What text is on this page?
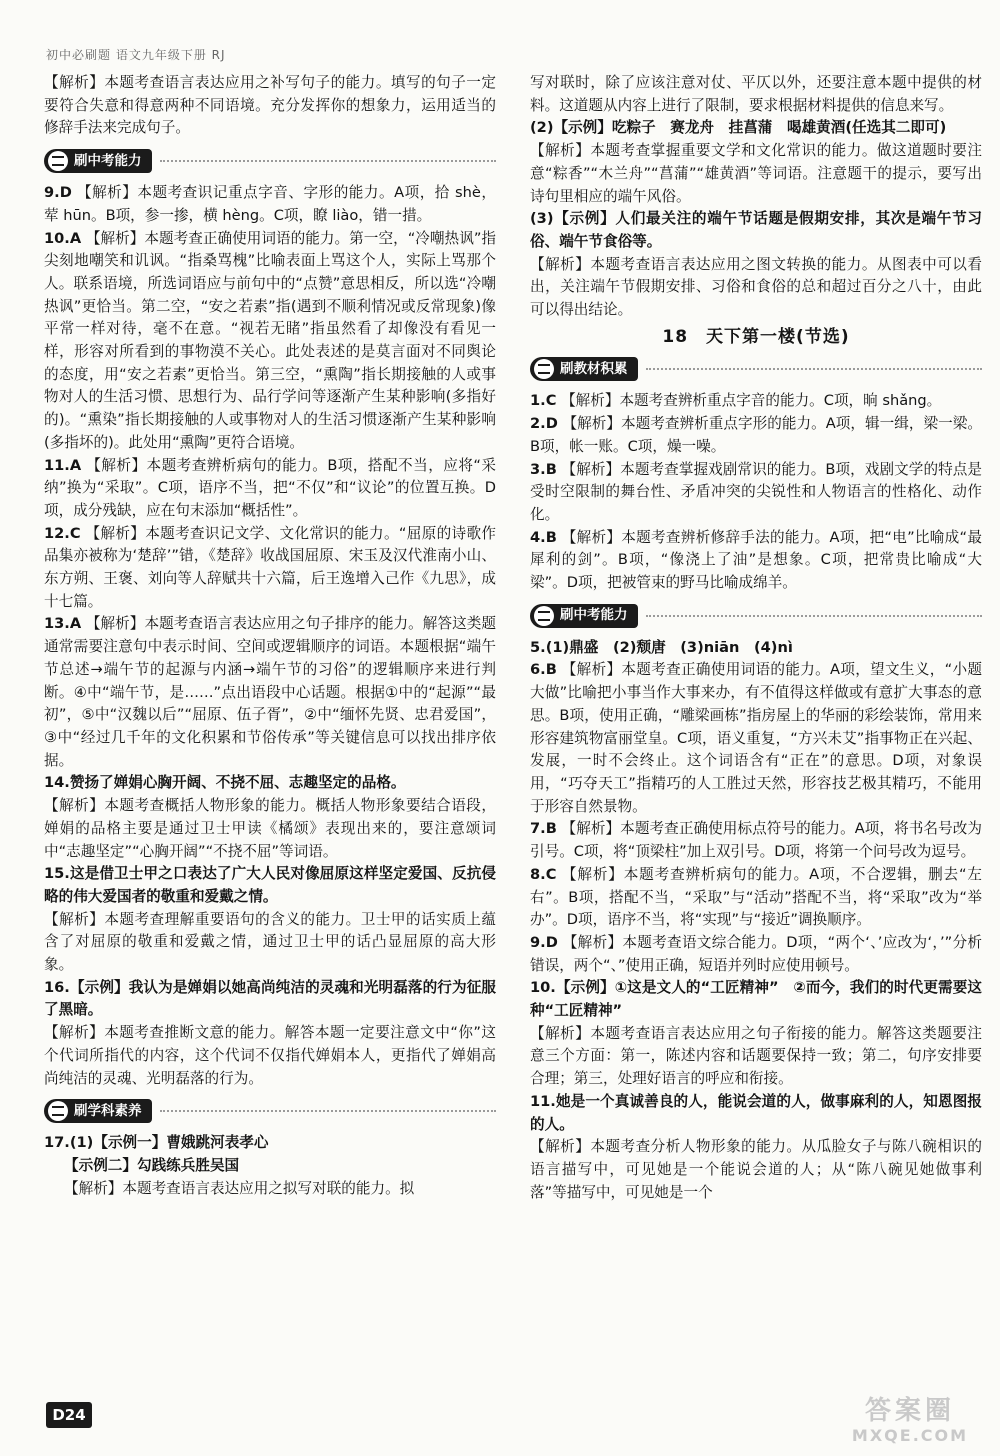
初中必刷题 语文九年级下册 RJ

【解析】本题考查语言表达应用之补写句子的能力。填写的句子一定要符合失意和得意两种不同语境。充分发挥你的想象力，运用适当的修辞手法来完成句子。

刷中考能力

9.D 【解析】本题考查识记重点字音、字形的能力。A项，拾 shè，荤 hūn。B项，参一掺，横 hèng。C项，瞭 liào，错一措。

10.A 【解析】本题考查正确使用词语的能力。第一空，“冷嘲热讽”指尖刻地嘲笑和讥讽。“指桑骂槐”比喻表面上骂这个人，实际上骂那个人。联系语境，所选词语应与前句中的“点赞”意思相反，所以选“冷嘲热讽”更恰当。第二空，“安之若素”指(遇到不顺利情况或反常现象)像平常一样对待，毫不在意。“视若无睹”指虽然看了却像没有看见一样，形容对所看到的事物漠不关心。此处表述的是莫言面对不同舆论的态度，用“安之若素”更恰当。第三空，“熏陶”指长期接触的人或事物对人的生活习惯、思想行为、品行学问等逐渐产生某种影响(多指好的)。“熏染”指长期接触的人或事物对人的生活习惯逐渐产生某种影响(多指坏的)。此处用“熏陶”更符合语境。

11.A 【解析】本题考查辨析病句的能力。B项，搭配不当，应将“采纳”换为“采取”。C项，语序不当，把“不仅”和“议论”的位置互换。D项，成分残缺，应在句末添加“概括性”。

12.C 【解析】本题考查识记文学、文化常识的能力。“屈原的诗歌作品集亦被称为‘楚辞’”错，《楚辞》收战国屈原、宋玉及汉代淮南小山、东方朔、王褒、刘向等人辞赋共十六篇，后王逸增入己作《九思》，成十七篇。

13.A 【解析】本题考查语言表达应用之句子排序的能力。解答这类题通常需要注意句中表示时间、空间或逻辑顺序的词语。本题根据“端午节总述→端午节的起源与内涵→端午节的习俗”的逻辑顺序来进行判断。④中“端午节，是……”点出语段中心话题。根据①中的“起源”“最初”，⑤中“汉魏以后”“屈原、伍子胥”，②中“缅怀先贤、忠君爱国”，③中“经过几千年的文化积累和节俗传承”等关键信息可以找出排序依据。

14.赞扬了婵娟心胸开阔、不挠不屈、志趣坚定的品格。

【解析】本题考查概括人物形象的能力。概括人物形象要结合语段，婵娟的品格主要是通过卫士甲读《橘颂》表现出来的，要注意颂词中“志趣坚定”“心胸开阔”“不挠不屈”等词语。

15.这是借卫士甲之口表达了广大人民对像屈原这样坚定爱国、反抗侵略的伟大爱国者的敬重和爱戴之情。

【解析】本题考查理解重要语句的含义的能力。卫士甲的话实质上蕴含了对屈原的敬重和爱戴之情，通过卫士甲的话凸显屈原的高大形象。

16.【示例】我认为是婵娟以她高尚纯洁的灵魂和光明磊落的行为征服了黑暗。

【解析】本题考查推断文意的能力。解答本题一定要注意文中“你”这个代词所指代的内容，这个代词不仅指代婵娟本人，更指代了婵娟高尚纯洁的灵魂、光明磊落的行为。

刷学科素养

17.(1)【示例一】曹娥跳河表孝心

【示例二】勾践练兵胜吴国

【解析】本题考查语言表达应用之拟写对联的能力。拟

写对联时，除了应该注意对仗、平仄以外，还要注意本题中提供的材料。这道题从内容上进行了限制，要求根据材料提供的信息来写。

(2)【示例】吃粽子　赛龙舟　挂菖蒲　喝雄黄酒(任选其二即可)

【解析】本题考查掌握重要文学和文化常识的能力。做这道题时要注意“粽香”“木兰舟”“菖蒲”“雄黄酒”等词语。注意题干的提示，要写出诗句里相应的端午风俗。

(3)【示例】人们最关注的端午节话题是假期安排，其次是端午节习俗、端午节食俗等。

【解析】本题考查语言表达应用之图文转换的能力。从图表中可以看出，关注端午节假期安排、习俗和食俗的总和超过百分之八十，由此可以得出结论。

18　天下第一楼(节选)
刷教材积累

1.C 【解析】本题考查辨析重点字音的能力。C项，晌 shǎng。

2.D 【解析】本题考查辨析重点字形的能力。A项，辑一缉，梁一梁。B项，帐一账。C项，燥一噪。

3.B 【解析】本题考查掌握戏剧常识的能力。B项，戏剧文学的特点是受时空限制的舞台性、矛盾冲突的尖锐性和人物语言的性格化、动作化。

4.B 【解析】本题考查辨析修辞手法的能力。A项，把“电”比喻成“最犀利的剑”。B项，“像浇上了油”是想象。C项，把常贵比喻成“大梁”。D项，把被管束的野马比喻成绵羊。

刷中考能力

5.(1)鼎盛　(2)颓唐　(3)niān　(4)nì

6.B 【解析】本题考查正确使用词语的能力。A项，望文生义，“小题大做”比喻把小事当作大事来办，有不值得这样做或有意扩大事态的意思。B项，使用正确，“雕梁画栋”指房屋上的华丽的彩绘装饰，常用来形容建筑物富丽堂皇。C项，语义重复，“方兴未艾”指事物正在兴起、发展，一时不会终止。这个词语含有“正在”的意思。D项，对象误用，“巧夺天工”指精巧的人工胜过天然，形容技艺极其精巧，不能用于形容自然景物。

7.B 【解析】本题考查正确使用标点符号的能力。A项，将书名号改为引号。C项，将“顶梁柱”加上双引号。D项，将第一个问号改为逗号。

8.C 【解析】本题考查辨析病句的能力。A项，不合逻辑，删去“左右”。B项，搭配不当，“采取”与“活动”搭配不当，将“采取”改为“举办”。D项，语序不当，将“实现”与“接近”调换顺序。

9.D 【解析】本题考查语文综合能力。D项，“两个‘、’应改为‘，’”分析错误，两个“、”使用正确，短语并列时应使用顿号。

10.【示例】①这是文人的“工匠精神”　②而今，我们的时代更需要这种“工匠精神”

【解析】本题考查语言表达应用之句子衔接的能力。解答这类题要注意三个方面：第一，陈述内容和话题要保持一致；第二，句序安排要合理；第三，处理好语言的呼应和衔接。

11.她是一个真诚善良的人，能说会道的人，做事麻利的人，知恩图报的人。

【解析】本题考查分析人物形象的能力。从瓜脸女子与陈八碗相识的语言描写中，可见她是一个能说会道的人；从“陈八碗见她做事利落”等描写中，可见她是一个

D24	答案圈
MXQE.COM
